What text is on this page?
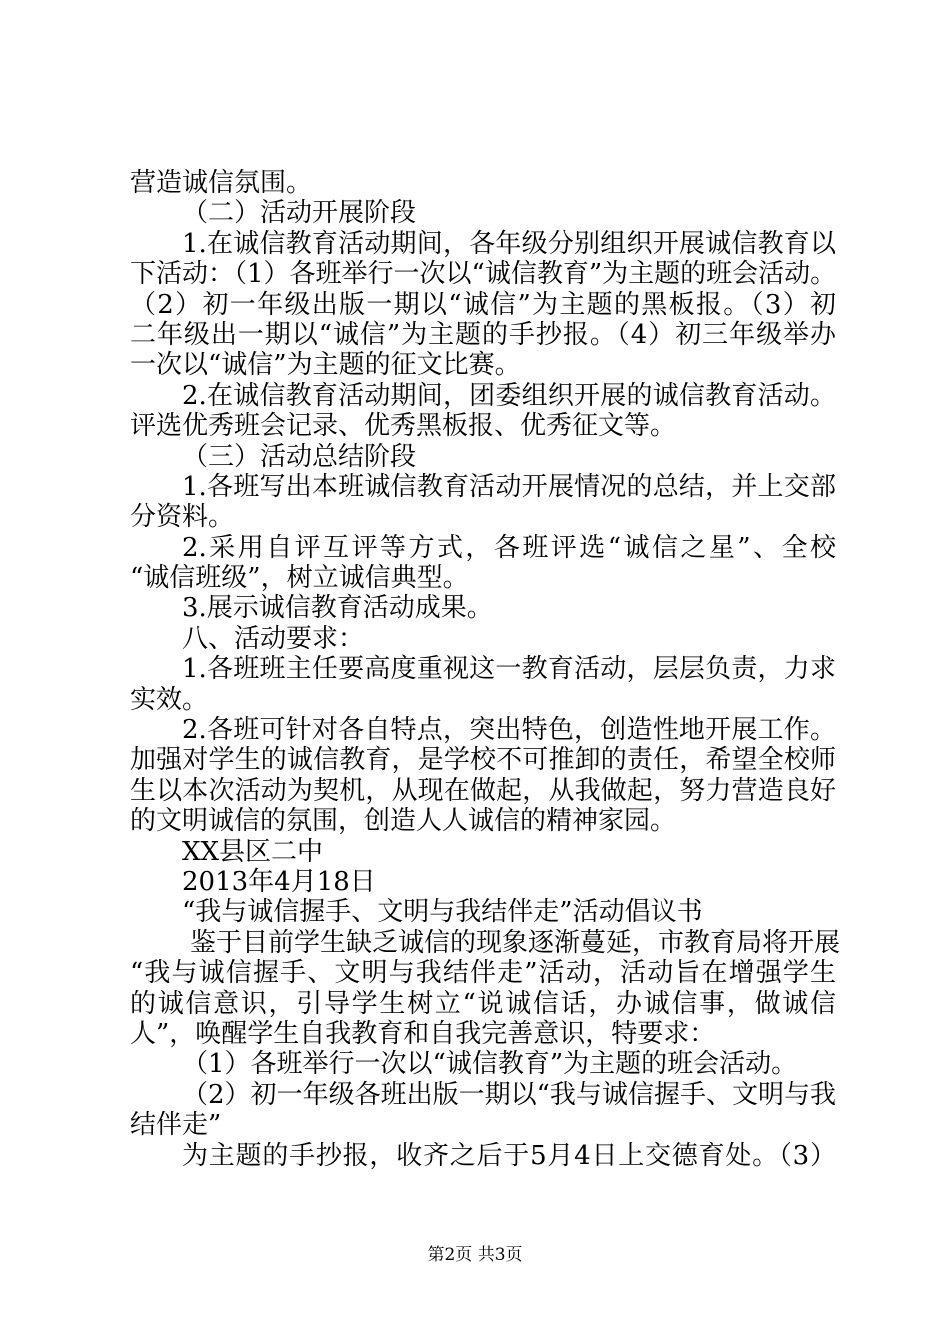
营造诚信氛围。
（二）活动开展阶段
1.在诚信教育活动期间，各年级分别组织开展诚信教育以
下活动：（1）各班举行一次以“诚信教育”为主题的班会活动。
（2）初一年级出版一期以“诚信”为主题的黑板报。（3）初
二年级出一期以“诚信”为主题的手抄报。（4）初三年级举办
一次以“诚信”为主题的征文比赛。
2.在诚信教育活动期间，团委组织开展的诚信教育活动。
评选优秀班会记录、优秀黑板报、优秀征文等。
（三）活动总结阶段
1.各班写出本班诚信教育活动开展情况的总结，并上交部
分资料。
2.采用自评互评等方式，各班评选“诚信之星”、全校
“诚信班级”，树立诚信典型。
3.展示诚信教育活动成果。
八、活动要求：
1.各班班主任要高度重视这一教育活动，层层负责，力求
实效。
2.各班可针对各自特点，突出特色，创造性地开展工作。
加强对学生的诚信教育，是学校不可推卸的责任，希望全校师
生以本次活动为契机，从现在做起，从我做起，努力营造良好
的文明诚信的氛围，创造人人诚信的精神家园。
XX县区二中
2013年4月18日
“我与诚信握手、文明与我结伴走”活动倡议书
鉴于目前学生缺乏诚信的现象逐渐蔓延，市教育局将开展
“我与诚信握手、文明与我结伴走”活动，活动旨在增强学生
的诚信意识，引导学生树立“说诚信话，办诚信事，做诚信
人”，唤醒学生自我教育和自我完善意识，特要求：
（1）各班举行一次以“诚信教育”为主题的班会活动。
（2）初一年级各班出版一期以“我与诚信握手、文明与我
结伴走”
为主题的手抄报，收齐之后于5月4日上交德育处。（3）
第2页 共3页
